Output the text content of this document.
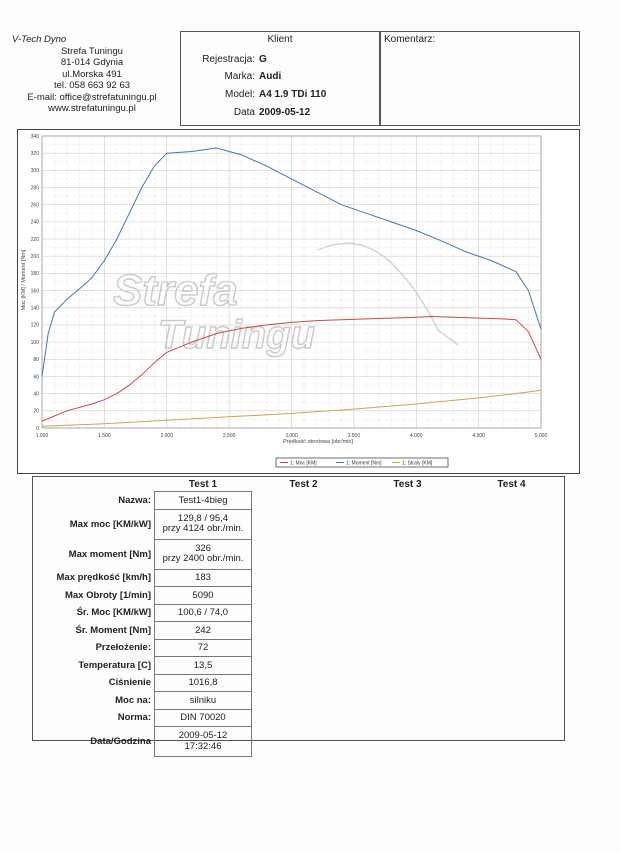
V-Tech Dyno
Strefa Tuningu
81-014 Gdynia
ul.Morska 491
tel. 058 663 92 63
E-mail: office@strefatuningu.pl
www.strefatuningu.pl
Klient
Rejestracja: G
Marka: Audi
Model: A4 1.9 TDi 110
Data 2009-05-12
Komentarz:
Strefa
Tuningu
1.000	1.500	2.000	2.500	3.000	3.500	4.000	4.500	5.000
0
20
40
60
80
100
120
140
160
180
200
220
240
260
280
300
320
340
Prędkość obrotowa [obr/min]
Moc [KM] / Moment [Nm]
1: Moc [KM]	1: Moment [Nm]	1: Straty [KM]
	Test 1	Test 2	Test 3	Test 4
Nazwa:	Test1-4bieg			
Max moc [KM/kW]	129,8 / 95,4
przy 4124 obr./min.			

Max moment [Nm]	326
przy 2400 obr./min.			

Max prędkość [km/h]	183			
Max Obroty [1/min]	5090			
Śr. Moc [KM/kW]	100,6 / 74,0			
Śr. Moment [Nm]	242			
Przełożenie:	72			
Temperatura [C]	13,5			
Ciśnienie	1016,8			
Moc na:	silniku			
Norma:	DIN 70020			
Data/Godzina	2009-05-12
17:32:46			
